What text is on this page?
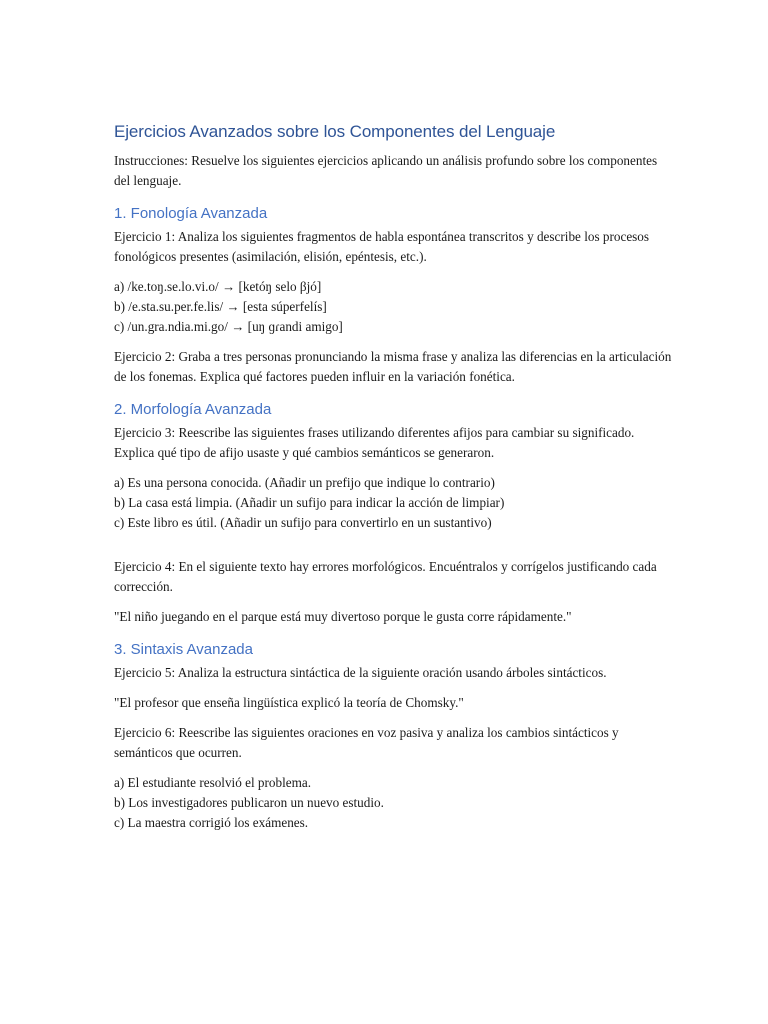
Ejercicios Avanzados sobre los Componentes del Lenguaje

Instrucciones: Resuelve los siguientes ejercicios aplicando un análisis profundo sobre los componentes del lenguaje.

1. Fonología Avanzada

Ejercicio 1: Analiza los siguientes fragmentos de habla espontánea transcritos y describe los procesos fonológicos presentes (asimilación, elisión, epéntesis, etc.).

a) /ke.toŋ.se.lo.vi.o/ → [ketóŋ selo βjó]
b) /e.sta.su.per.fe.lis/ → [esta súperfelís]
c) /un.gra.ndia.mi.go/ → [uŋ ɡɾandi amigo]

Ejercicio 2: Graba a tres personas pronunciando la misma frase y analiza las diferencias en la articulación de los fonemas. Explica qué factores pueden influir en la variación fonética.

2. Morfología Avanzada

Ejercicio 3: Reescribe las siguientes frases utilizando diferentes afijos para cambiar su significado. Explica qué tipo de afijo usaste y qué cambios semánticos se generaron.

a) Es una persona conocida. (Añadir un prefijo que indique lo contrario)
b) La casa está limpia. (Añadir un sufijo para indicar la acción de limpiar)
c) Este libro es útil. (Añadir un sufijo para convertirlo en un sustantivo)

Ejercicio 4: En el siguiente texto hay errores morfológicos. Encuéntralos y corrígelos justificando cada corrección.

"El niño juegando en el parque está muy divertoso porque le gusta corre rápidamente."

3. Sintaxis Avanzada

Ejercicio 5: Analiza la estructura sintáctica de la siguiente oración usando árboles sintácticos.

"El profesor que enseña lingüística explicó la teoría de Chomsky."

Ejercicio 6: Reescribe las siguientes oraciones en voz pasiva y analiza los cambios sintácticos y semánticos que ocurren.

a) El estudiante resolvió el problema.
b) Los investigadores publicaron un nuevo estudio.
c) La maestra corrigió los exámenes.
